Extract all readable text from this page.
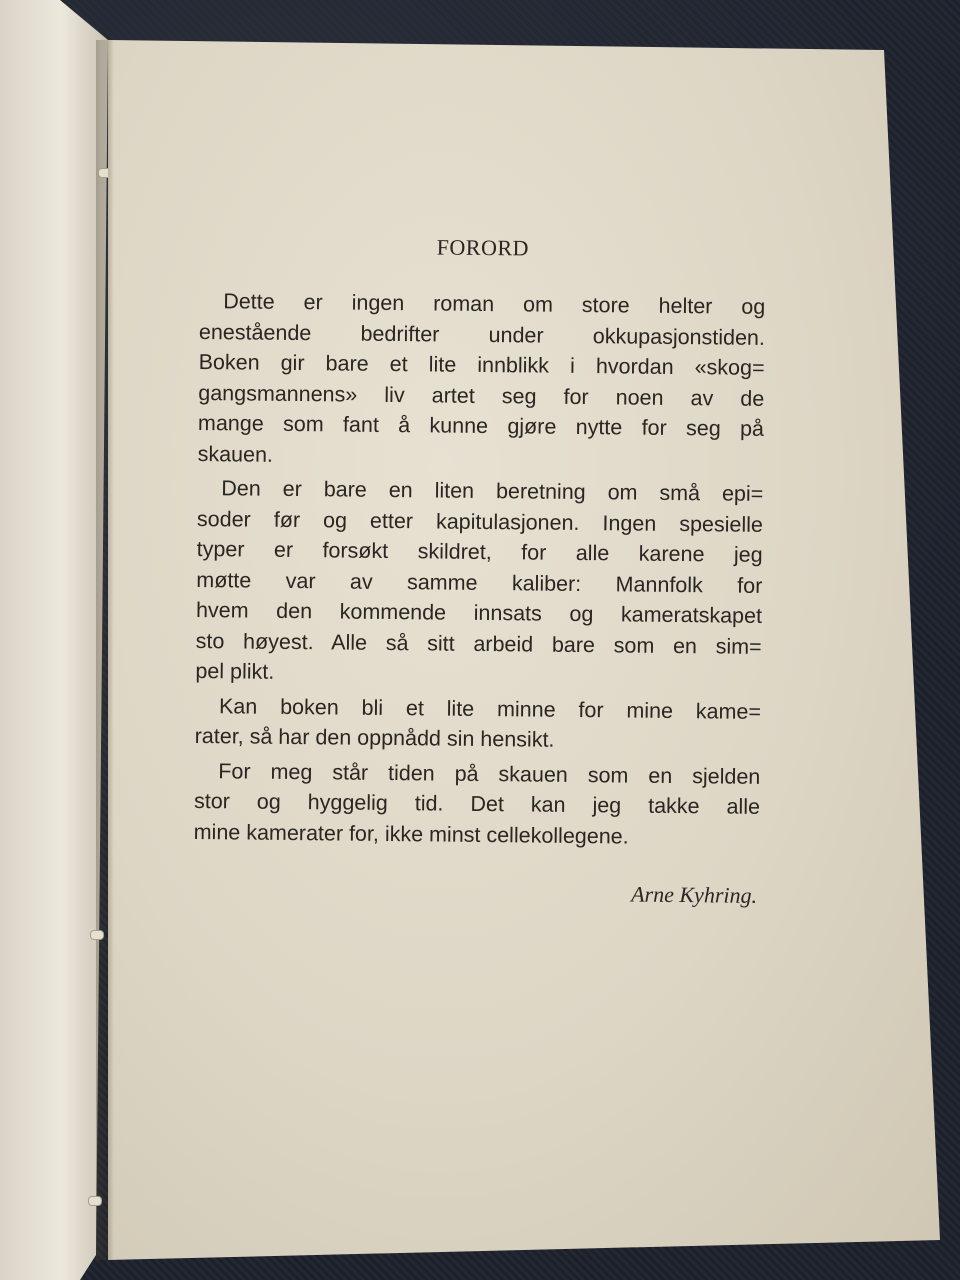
FORORD
Dette er ingen roman om store helter og
enestående bedrifter under okkupasjonstiden.
Boken gir bare et lite innblikk i hvordan «skog=
gangsmannens» liv artet seg for noen av de
mange som fant å kunne gjøre nytte for seg på
skauen.
Den er bare en liten beretning om små epi=
soder før og etter kapitulasjonen. Ingen spesielle
typer er forsøkt skildret, for alle karene jeg
møtte var av samme kaliber: Mannfolk for
hvem den kommende innsats og kameratskapet
sto høyest. Alle så sitt arbeid bare som en sim=
pel plikt.
Kan boken bli et lite minne for mine kame=
rater, så har den oppnådd sin hensikt.
For meg står tiden på skauen som en sjelden
stor og hyggelig tid. Det kan jeg takke alle
mine kamerater for, ikke minst cellekollegene.
Arne Kyhring.
